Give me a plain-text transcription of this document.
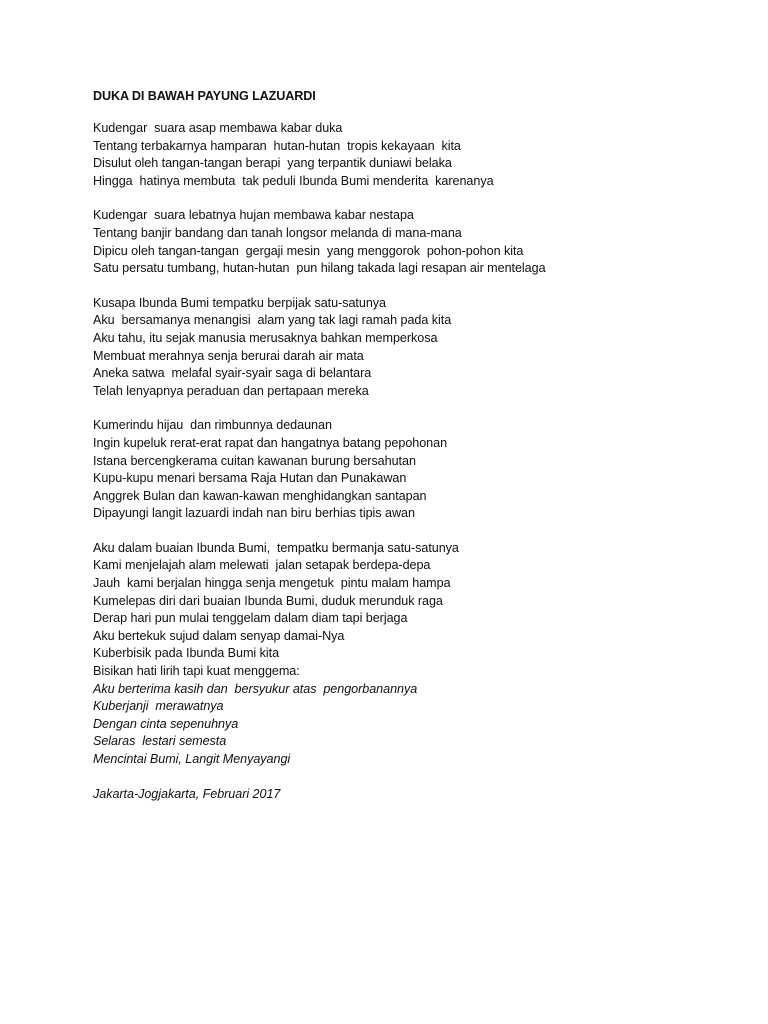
DUKA DI BAWAH PAYUNG LAZUARDI
Kudengar  suara asap membawa kabar duka
Tentang terbakarnya hamparan  hutan-hutan  tropis kekayaan  kita
Disulut oleh tangan-tangan berapi  yang terpantik duniawi belaka
Hingga  hatinya membuta  tak peduli Ibunda Bumi menderita  karenanya
Kudengar  suara lebatnya hujan membawa kabar nestapa
Tentang banjir bandang dan tanah longsor melanda di mana-mana
Dipicu oleh tangan-tangan  gergaji mesin  yang menggorok  pohon-pohon kita
Satu persatu tumbang, hutan-hutan  pun hilang takada lagi resapan air mentelaga
Kusapa Ibunda Bumi tempatku berpijak satu-satunya
Aku  bersamanya menangisi  alam yang tak lagi ramah pada kita
Aku tahu, itu sejak manusia merusaknya bahkan memperkosa
Membuat merahnya senja berurai darah air mata
Aneka satwa  melafal syair-syair saga di belantara
Telah lenyapnya peraduan dan pertapaan mereka
Kumerindu hijau  dan rimbunnya dedaunan
Ingin kupeluk rerat-erat rapat dan hangatnya batang pepohonan
Istana bercengkerama cuitan kawanan burung bersahutan
Kupu-kupu menari bersama Raja Hutan dan Punakawan
Anggrek Bulan dan kawan-kawan menghidangkan santapan
Dipayungi langit lazuardi indah nan biru berhias tipis awan
Aku dalam buaian Ibunda Bumi,  tempatku bermanja satu-satunya
Kami menjelajah alam melewati  jalan setapak berdepa-depa
Jauh  kami berjalan hingga senja mengetuk  pintu malam hampa
Kumelepas diri dari buaian Ibunda Bumi, duduk merunduk raga
Derap hari pun mulai tenggelam dalam diam tapi berjaga
Aku bertekuk sujud dalam senyap damai-Nya
Kuberbisik pada Ibunda Bumi kita
Bisikan hati lirih tapi kuat menggema:
Aku berterima kasih dan  bersyukur atas  pengorbanannya
Kuberjanji  merawatnya
Dengan cinta sepenuhnya
Selaras  lestari semesta
Mencintai Bumi, Langit Menyayangi
Jakarta-Jogjakarta, Februari 2017
